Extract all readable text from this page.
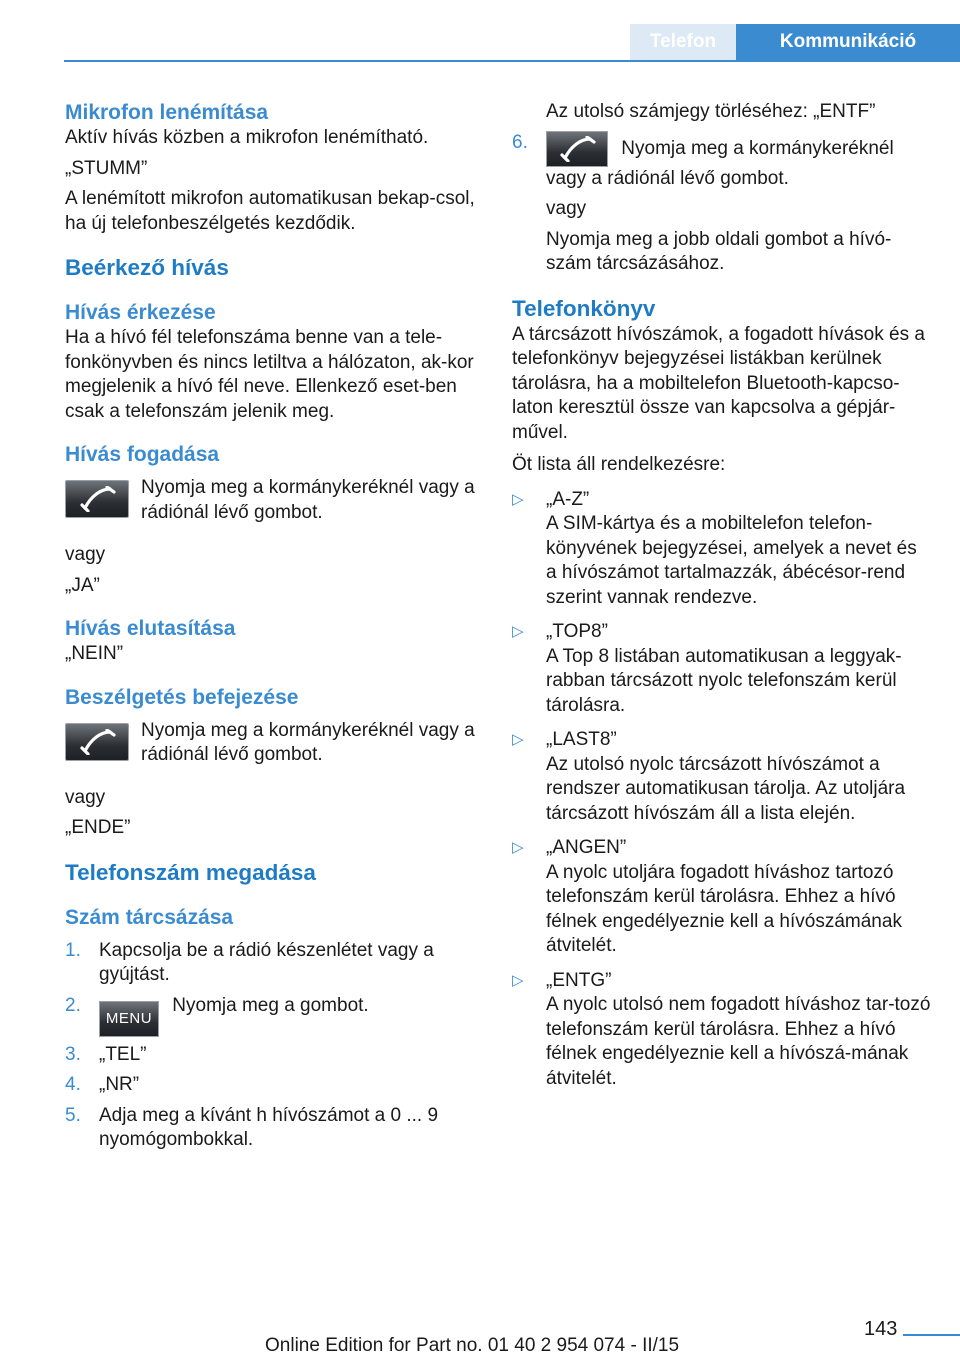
Telefon	Kommunikáció

Mikrofon lenémítása

Aktív hívás közben a mikrofon lenémítható.

„STUMM”

A lenémított mikrofon automatikusan bekap‐csol, ha új telefonbeszélgetés kezdődik.

Beérkező hívás

Hívás érkezése

Ha a hívó fél telefonszáma benne van a tele‐fonkönyvben és nincs letiltva a hálózaton, ak‐kor megjelenik a hívó fél neve. Ellenkező eset‐ben csak a telefonszám jelenik meg.

Hívás fogadása

Nyomja meg a kormánykeréknél vagy a rádiónál lévő gombot.

vagy

„JA”

Hívás elutasítása

„NEIN”

Beszélgetés befejezése

Nyomja meg a kormánykeréknél vagy a rádiónál lévő gombot.

vagy

„ENDE”

Telefonszám megadása

Szám tárcsázása

1. Kapcsolja be a rádió készenlétet vagy a gyújtást.
2.
MENU Nyomja meg a gombot.
3. „TEL”
4. „NR”
5. Adja meg a kívánt h hívószámot a 0 ... 9 nyomógombokkal.

Az utolsó számjegy törléséhez: „ENTF”

6.	Nyomja meg a kormánykeréknél vagy a rádiónál lévő gombot.

vagy

Nyomja meg a jobb oldali gombot a hívó‐szám tárcsázásához.

Telefonkönyv

A tárcsázott hívószámok, a fogadott hívások és a telefonkönyv bejegyzései listákban kerülnek tárolásra, ha a mobiltelefon Bluetooth-kapcso‐laton keresztül össze van kapcsolva a gépjár‐művel.

Öt lista áll rendelkezésre:

▷	„A-Z”

A SIM-kártya és a mobiltelefon telefon‐könyvének bejegyzései, amelyek a nevet és a hívószámot tartalmazzák, ábécésor‐rend szerint vannak rendezve.

▷	„TOP8”

A Top 8 listában automatikusan a leggyak‐rabban tárcsázott nyolc telefonszám kerül tárolásra.

▷	„LAST8”

Az utolsó nyolc tárcsázott hívószámot a rendszer automatikusan tárolja. Az utoljára tárcsázott hívószám áll a lista elején.

▷	„ANGEN”

A nyolc utoljára fogadott híváshoz tartozó telefonszám kerül tárolásra. Ehhez a hívó félnek engedélyeznie kell a hívószámának átvitelét.

▷	„ENTG”

A nyolc utolsó nem fogadott híváshoz tar‐tozó telefonszám kerül tárolásra. Ehhez a hívó félnek engedélyeznie kell a hívószá‐mának átvitelét.

143
Online Edition for Part no. 01 40 2 954 074 - II/15
